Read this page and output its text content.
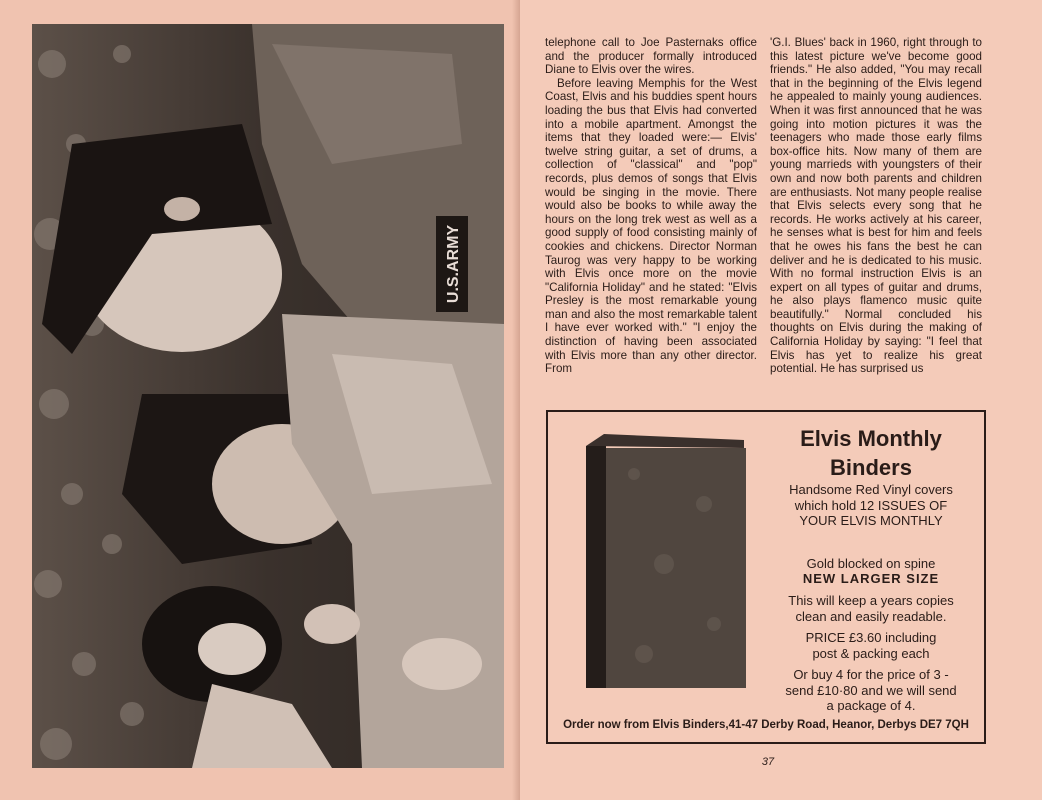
U.S.ARMY

telephone call to Joe Pasternaks office and the producer formally introduced Diane to Elvis over the wires.

Before leaving Memphis for the West Coast, Elvis and his buddies spent hours loading the bus that Elvis had converted into a mobile apartment. Amongst the items that they loaded were:— Elvis' twelve string guitar, a set of drums, a collection of "classical" and "pop" records, plus demos of songs that Elvis would be singing in the movie. There would also be books to while away the hours on the long trek west as well as a good supply of food consisting mainly of cookies and chickens. Director Norman Taurog was very happy to be working with Elvis once more on the movie "California Holiday" and he stated: "Elvis Presley is the most remarkable young man and also the most remarkable talent I have ever worked with." "I enjoy the distinction of having been associated with Elvis more than any other director. From

'G.I. Blues' back in 1960, right through to this latest picture we've become good friends." He also added, "You may recall that in the beginning of the Elvis legend he appealed to mainly young audiences. When it was first announced that he was going into motion pictures it was the teenagers who made those early films box-office hits. Now many of them are young marrieds with youngsters of their own and now both parents and children are enthusiasts. Not many people realise that Elvis selects every song that he records. He works actively at his career, he senses what is best for him and feels that he owes his fans the best he can deliver and he is dedicated to his music. With no formal instruction Elvis is an expert on all types of guitar and drums, he also plays flamenco music quite beautifully." Normal concluded his thoughts on Elvis during the making of California Holiday by saying: "I feel that Elvis has yet to realize his great potential. He has surprised us

Elvis Monthly

Binders

Handsome Red Vinyl covers

which hold 12 ISSUES OF

YOUR ELVIS MONTHLY

Gold blocked on spine

NEW LARGER SIZE

This will keep a years copies

clean and easily readable.

PRICE £3.60 including

post & packing each

Or buy 4 for the price of 3 -

send £10·80 and we will send

a package of 4.

Order now from Elvis Binders,41-47 Derby Road, Heanor, Derbys DE7 7QH
37
